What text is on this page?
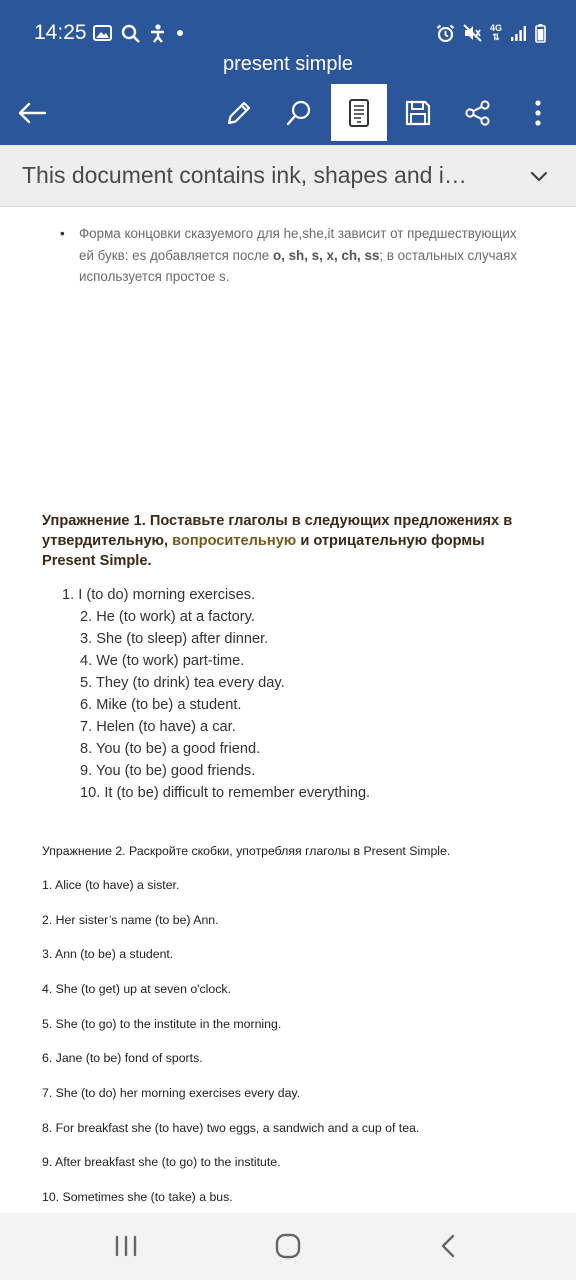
14:25	4G
⇅
present simple
This document contains ink, shapes and i…
•	Форма концовки сказуемого для he,she,it зависит от предшествующих

ей букв: es добавляется после o, sh, s, x, ch, ss; в остальных случаях

используется простое s.

Упражнение 1. Поставьте глаголы в следующих предложениях в
утвердительную, вопросительную и отрицательную формы
Present Simple.
1. I (to do) morning exercises.
2. He (to work) at a factory.
3. She (to sleep) after dinner.
4. We (to work) part-time.
5. They (to drink) tea every day.
6. Mike (to be) a student.
7. Helen (to have) a car.
8. You (to be) a good friend.
9. You (to be) good friends.
10. It (to be) difficult to remember everything.
Упражнение 2. Раскройте скобки, употребляя глаголы в Present Simple.
1. Alice (to have) a sister.
2. Her sister’s name (to be) Ann.
3. Ann (to be) a student.
4. She (to get) up at seven o'clock.
5. She (to go) to the institute in the morning.
6. Jane (to be) fond of sports.
7. She (to do) her morning exercises every day.
8. For breakfast she (to have) two eggs, a sandwich and a cup of tea.
9. After breakfast she (to go) to the institute.
10. Sometimes she (to take) a bus.
